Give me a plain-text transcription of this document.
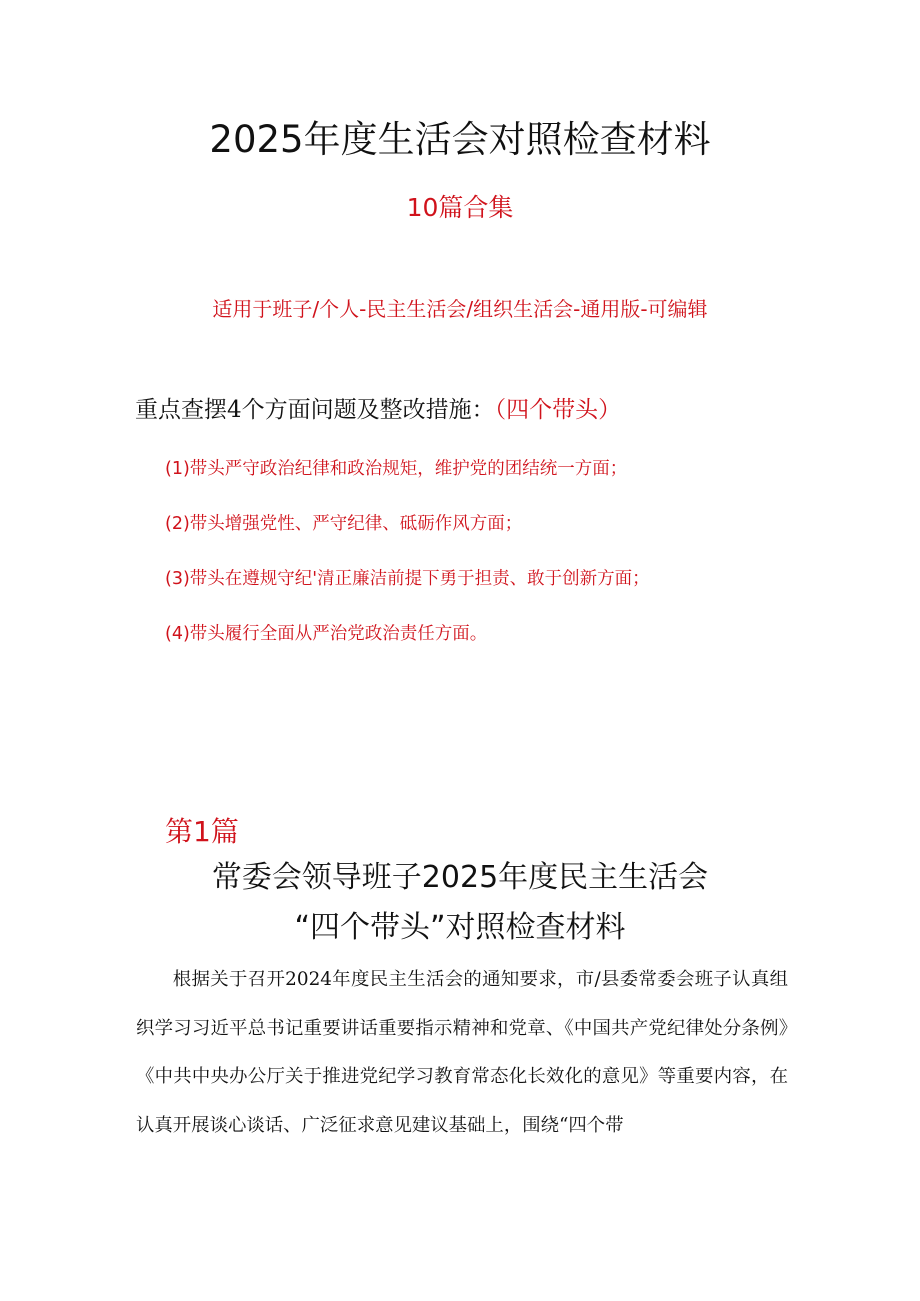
2025年度生活会对照检查材料
10篇合集
适用于班子/个人-民主生活会/组织生活会-通用版-可编辑
重点查摆4个方面问题及整改措施：（四个带头）
(1)带头严守政治纪律和政治规矩，维护党的团结统一方面；
(2)带头增强党性、严守纪律、砥砺作风方面；
(3)带头在遵规守纪'清正廉洁前提下勇于担责、敢于创新方面；
(4)带头履行全面从严治党政治责任方面。
第1篇
常委会领导班子2025年度民主生活会
“四个带头”对照检查材料
根据关于召开2024年度民主生活会的通知要求，市/县委常委会班子认真组织学习习近平总书记重要讲话重要指示精神和党章、《中国共产党纪律处分条例》《中共中央办公厅关于推进党纪学习教育常态化长效化的意见》等重要内容，在认真开展谈心谈话、广泛征求意见建议基础上，围绕“四个带
